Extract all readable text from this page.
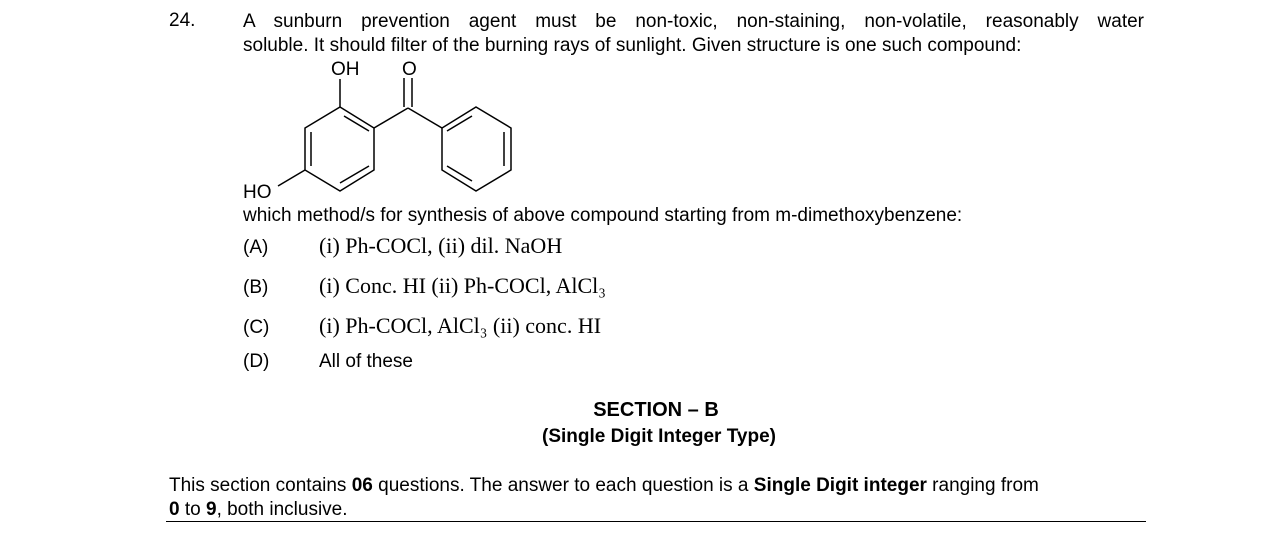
24.	A sunburn prevention agent must be non-toxic, non-staining, non-volatile, reasonably water
soluble. It should filter of the burning rays of sunlight. Given structure is one such compound:
OH O
HO
which method/s for synthesis of above compound starting from m-dimethoxybenzene:
(A) (i) Ph-COCl, (ii) dil. NaOH
(B) (i) Conc. HI (ii) Ph-COCl, AlCl₃
(C) (i) Ph-COCl, AlCl₃ (ii) conc. HI
(D)	All of these
SECTION – B
(Single Digit Integer Type)
This section contains 06 questions. The answer to each question is a Single Digit integer ranging from
0 to 9, both inclusive.
